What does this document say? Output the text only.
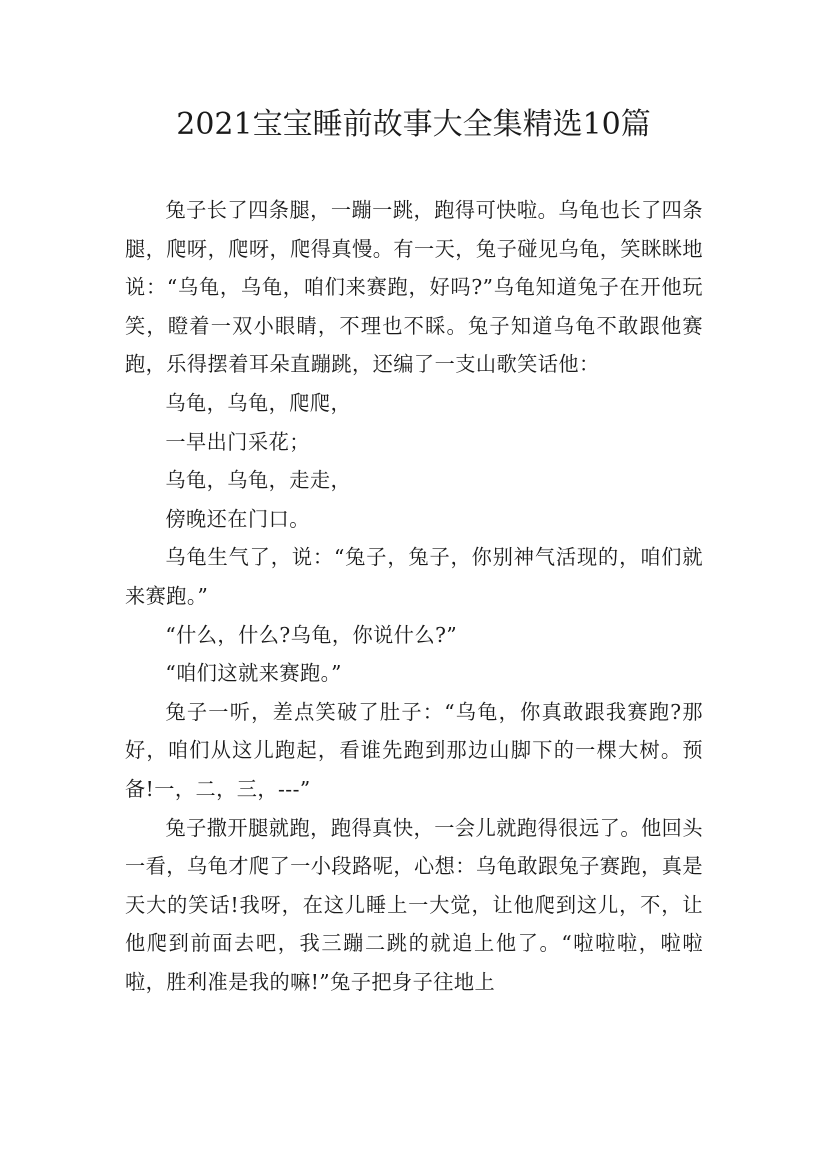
2021宝宝睡前故事大全集精选10篇

兔子长了四条腿，一蹦一跳，跑得可快啦。乌龟也长了四条腿，爬呀，爬呀，爬得真慢。有一天，兔子碰见乌龟，笑眯眯地说：“乌龟，乌龟，咱们来赛跑，好吗?”乌龟知道兔子在开他玩笑，瞪着一双小眼睛，不理也不睬。兔子知道乌龟不敢跟他赛跑，乐得摆着耳朵直蹦跳，还编了一支山歌笑话他：

乌龟，乌龟，爬爬，

一早出门采花；

乌龟，乌龟，走走，

傍晚还在门口。

乌龟生气了，说：“兔子，兔子，你别神气活现的，咱们就来赛跑。”

“什么，什么?乌龟，你说什么?”

“咱们这就来赛跑。”

兔子一听，差点笑破了肚子：“乌龟，你真敢跟我赛跑?那好，咱们从这儿跑起，看谁先跑到那边山脚下的一棵大树。预备!一，二，三，---”

兔子撒开腿就跑，跑得真快，一会儿就跑得很远了。他回头一看，乌龟才爬了一小段路呢，心想：乌龟敢跟兔子赛跑，真是天大的笑话!我呀，在这儿睡上一大觉，让他爬到这儿，不，让他爬到前面去吧，我三蹦二跳的就追上他了。“啦啦啦，啦啦啦，胜利准是我的嘛!”兔子把身子往地上
